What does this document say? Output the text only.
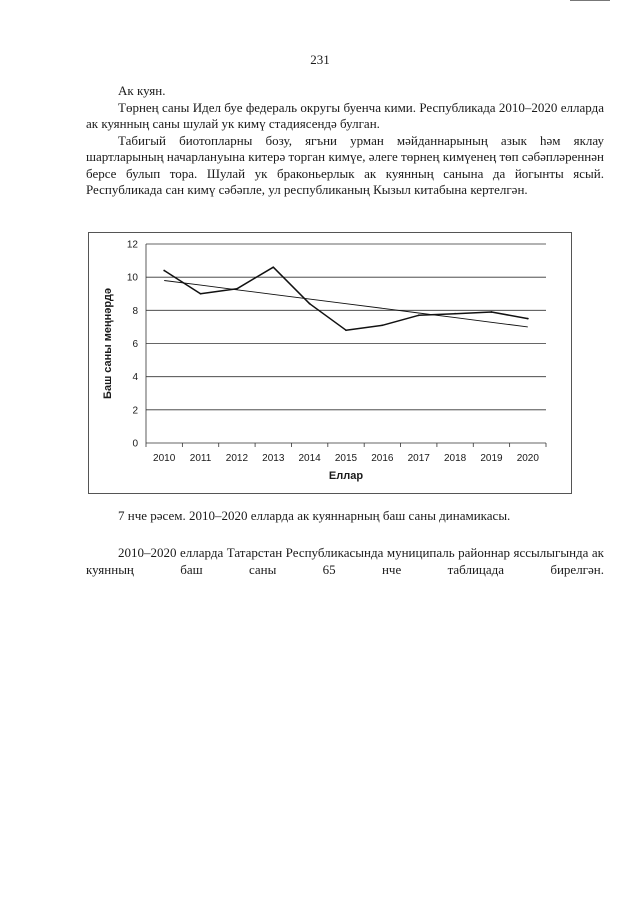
231

Ак куян.

Төрнең саны Идел буе федераль округы буенча кими. Республикада 2010–2020 елларда ак куянның саны шулай ук кимү стадиясендә булган.

Табигый биотопларны бозу, ягъни урман мәйданнарының азык һәм яклау шартларының начарлануына китерә торган кимүе, әлеге төрнең кимүенең төп сәбәпләреннән берсе булып тора. Шулай ук браконьерлык ак куянның санына да йогынты ясый. Республикада сан кимү сәбәпле, ул республиканың Кызыл китабына кертелгән.

0
2
4
6
8
10
12
2010 2011 2012 2013 2014 2015 2016 2017 2018 2019 2020
Еллар
Баш саны меңнәрдә
7 нче рәсем. 2010–2020 елларда ак куяннарның баш саны динамикасы.

2010–2020 елларда Татарстан Республикасында муниципаль районнар яссылыгында ак куянның баш саны 65 нче таблицада бирелгән.
